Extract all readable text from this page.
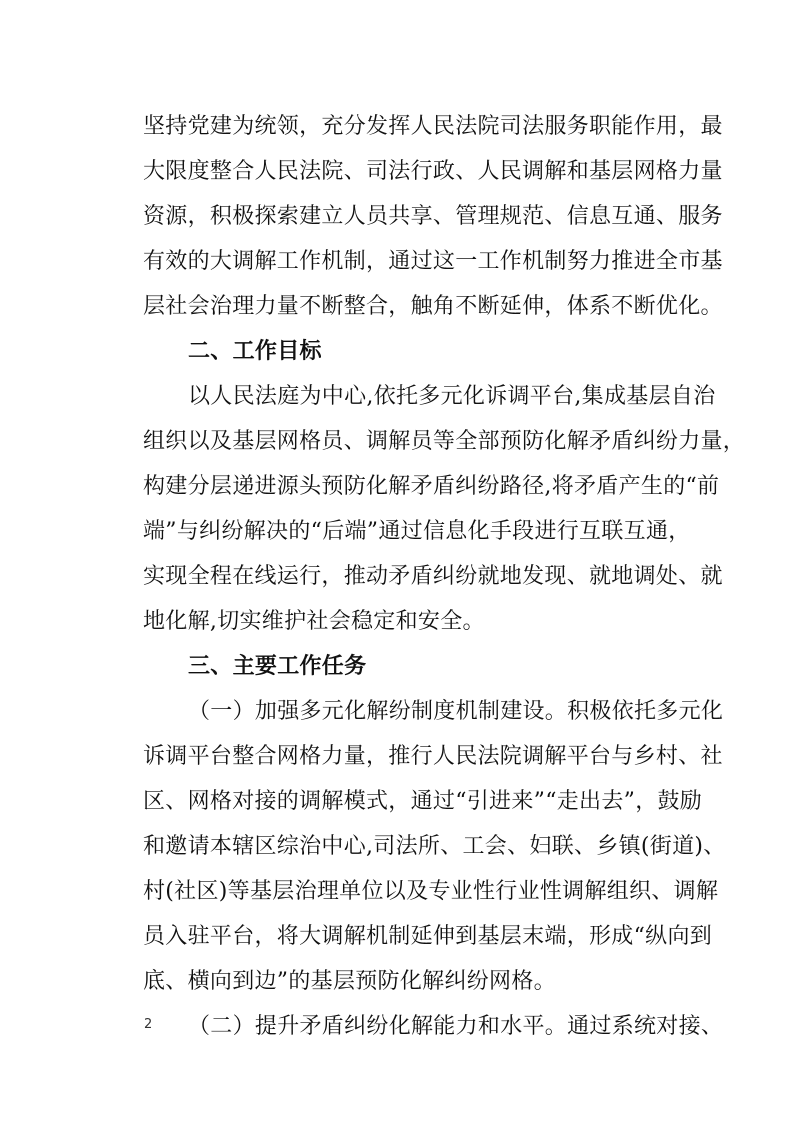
坚持党建为统领，充分发挥人民法院司法服务职能作用，最
大限度整合人民法院、司法行政、人民调解和基层网格力量
资源，积极探索建立人员共享、管理规范、信息互通、服务
有效的大调解工作机制，通过这一工作机制努力推进全市基
层社会治理力量不断整合，触角不断延伸，体系不断优化。
二、工作目标
以人民法庭为中心,依托多元化诉调平台,集成基层自治
组织以及基层网格员、调解员等全部预防化解矛盾纠纷力量，
构建分层递进源头预防化解矛盾纠纷路径,将矛盾产生的“前
端”与纠纷解决的“后端”通过信息化手段进行互联互通，
实现全程在线运行，推动矛盾纠纷就地发现、就地调处、就
地化解,切实维护社会稳定和安全。
三、主要工作任务
（一）加强多元化解纷制度机制建设。积极依托多元化
诉调平台整合网格力量，推行人民法院调解平台与乡村、社
区、网格对接的调解模式，通过“引进来”“走出去”，鼓励
和邀请本辖区综治中心,司法所、工会、妇联、乡镇(街道)、
村(社区)等基层治理单位以及专业性行业性调解组织、调解
员入驻平台，将大调解机制延伸到基层末端，形成“纵向到
底、横向到边”的基层预防化解纠纷网格。
（二）提升矛盾纠纷化解能力和水平。通过系统对接、
2
